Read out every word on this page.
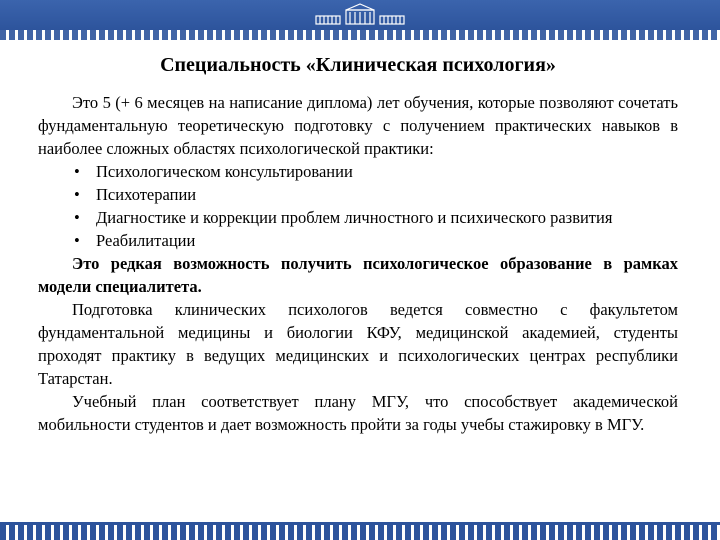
Специальность «Клиническая психология»

Это 5 (+ 6 месяцев на написание диплома) лет обучения, которые позволяют сочетать фундаментальную теоретическую подготовку с получением практических навыков в наиболее сложных областях психологической практики:

• Психологическом консультировании
• Психотерапии
• Диагностике и коррекции проблем личностного и психического развития
• Реабилитации

Это редкая возможность получить психологическое образование в рамках модели специалитета.

Подготовка клинических психологов ведется совместно с факультетом фундаментальной медицины и биологии КФУ, медицинской академией, студенты проходят практику в ведущих медицинских и психологических центрах республики Татарстан.

Учебный план соответствует плану МГУ, что способствует академической мобильности студентов и дает возможность пройти за годы учебы стажировку в МГУ.
